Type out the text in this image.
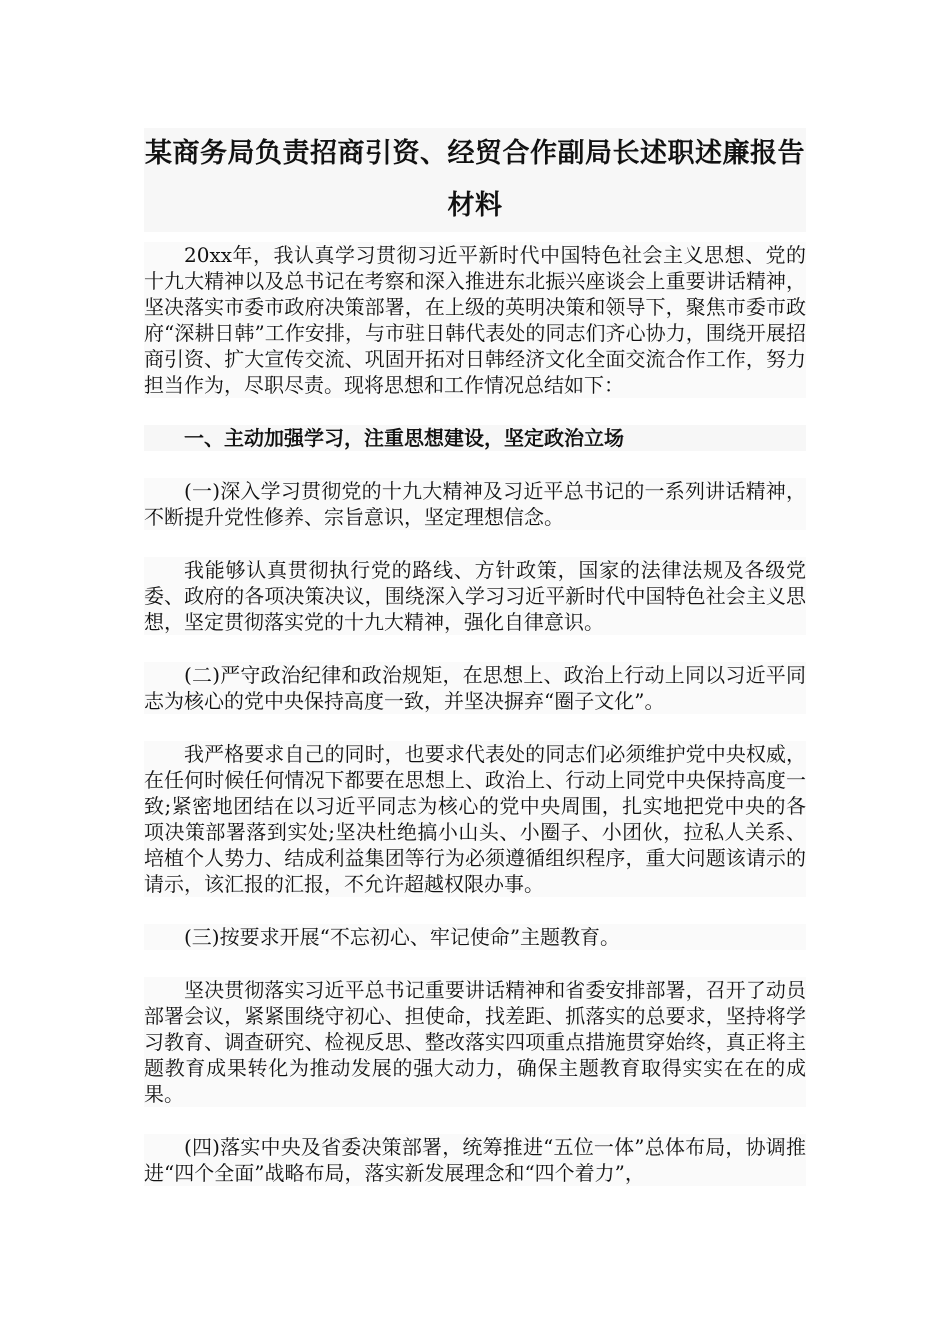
某商务局负责招商引资、经贸合作副局长述职述廉报告材料

20xx年，我认真学习贯彻习近平新时代中国特色社会主义思想、党的十九大精神以及总书记在考察和深入推进东北振兴座谈会上重要讲话精神，坚决落实市委市政府决策部署，在上级的英明决策和领导下，聚焦市委市政府“深耕日韩”工作安排，与市驻日韩代表处的同志们齐心协力，围绕开展招商引资、扩大宣传交流、巩固开拓对日韩经济文化全面交流合作工作，努力担当作为，尽职尽责。现将思想和工作情况总结如下：

一、主动加强学习，注重思想建设，坚定政治立场

(一)深入学习贯彻党的十九大精神及习近平总书记的一系列讲话精神，不断提升党性修养、宗旨意识，坚定理想信念。

我能够认真贯彻执行党的路线、方针政策，国家的法律法规及各级党委、政府的各项决策决议，围绕深入学习习近平新时代中国特色社会主义思想，坚定贯彻落实党的十九大精神，强化自律意识。

(二)严守政治纪律和政治规矩，在思想上、政治上行动上同以习近平同志为核心的党中央保持高度一致，并坚决摒弃“圈子文化”。

我严格要求自己的同时，也要求代表处的同志们必须维护党中央权威，在任何时候任何情况下都要在思想上、政治上、行动上同党中央保持高度一致;紧密地团结在以习近平同志为核心的党中央周围，扎实地把党中央的各项决策部署落到实处;坚决杜绝搞小山头、小圈子、小团伙，拉私人关系、培植个人势力、结成利益集团等行为必须遵循组织程序，重大问题该请示的请示，该汇报的汇报，不允许超越权限办事。

(三)按要求开展“不忘初心、牢记使命”主题教育。

坚决贯彻落实习近平总书记重要讲话精神和省委安排部署，召开了动员部署会议，紧紧围绕守初心、担使命，找差距、抓落实的总要求，坚持将学习教育、调查研究、检视反思、整改落实四项重点措施贯穿始终，真正将主题教育成果转化为推动发展的强大动力，确保主题教育取得实实在在的成果。

(四)落实中央及省委决策部署，统筹推进“五位一体”总体布局，协调推进“四个全面”战略布局，落实新发展理念和“四个着力”，
